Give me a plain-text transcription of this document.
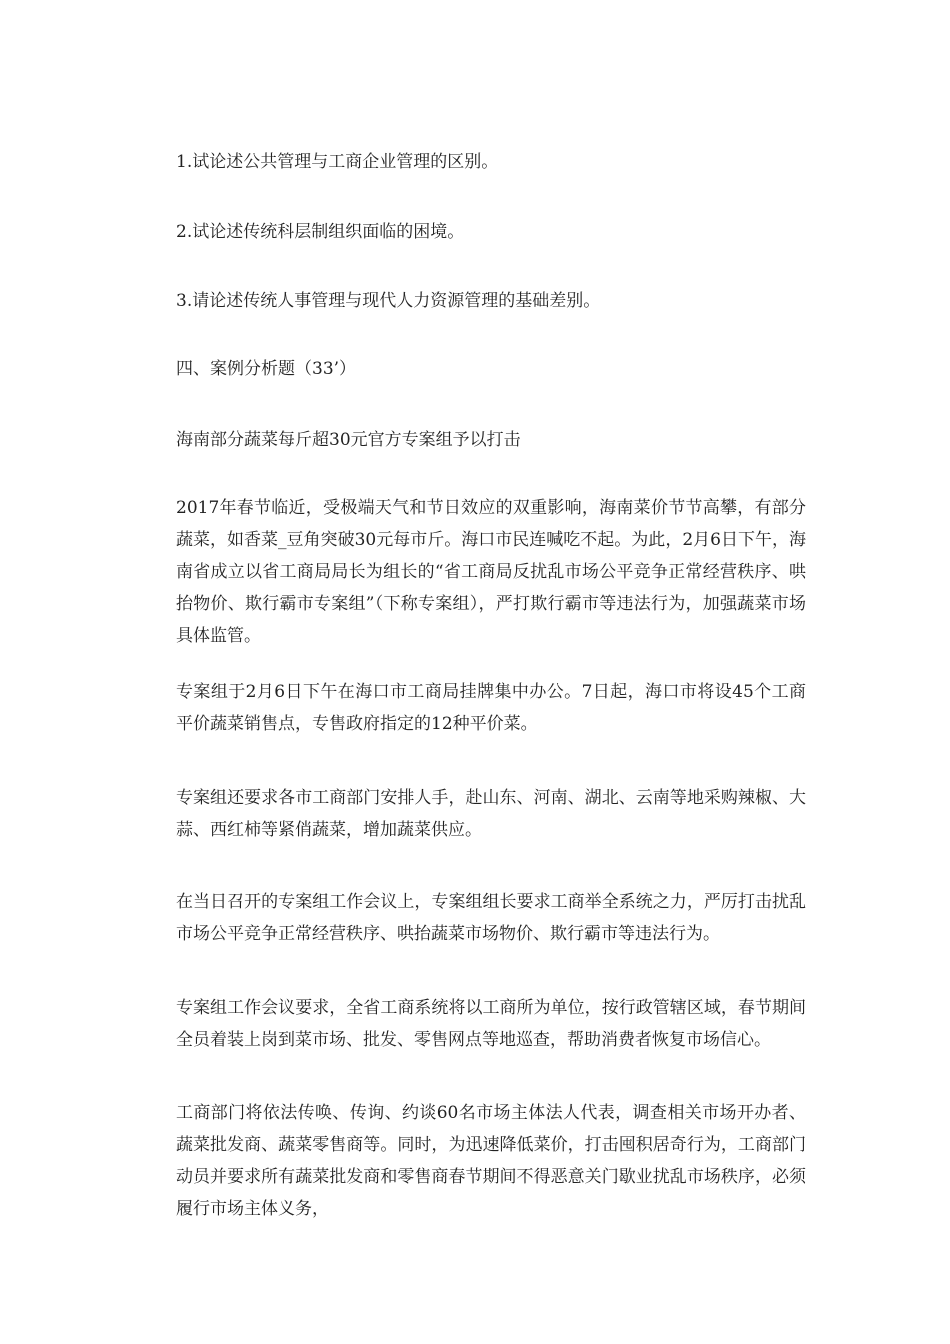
1.试论述公共管理与工商企业管理的区别。
2.试论述传统科层制组织面临的困境。
3.请论述传统人事管理与现代人力资源管理的基础差别。
四、案例分析题（33’）
海南部分蔬菜每斤超30元官方专案组予以打击
2017年春节临近，受极端天气和节日效应的双重影响，海南菜价节节高攀，有部分蔬菜，如香菜_豆角突破30元每市斤。海口市民连喊吃不起。为此，2月6日下午，海南省成立以省工商局局长为组长的“省工商局反扰乱市场公平竞争正常经营秩序、哄抬物价、欺行霸市专案组”（下称专案组），严打欺行霸市等违法行为，加强蔬菜市场具体监管。
专案组于2月6日下午在海口市工商局挂牌集中办公。7日起，海口市将设45个工商平价蔬菜销售点，专售政府指定的12种平价菜。
专案组还要求各市工商部门安排人手，赴山东、河南、湖北、云南等地采购辣椒、大蒜、西红柿等紧俏蔬菜，增加蔬菜供应。
在当日召开的专案组工作会议上，专案组组长要求工商举全系统之力，严厉打击扰乱市场公平竞争正常经营秩序、哄抬蔬菜市场物价、欺行霸市等违法行为。
专案组工作会议要求，全省工商系统将以工商所为单位，按行政管辖区域，春节期间全员着装上岗到菜市场、批发、零售网点等地巡查，帮助消费者恢复市场信心。
工商部门将依法传唤、传询、约谈60名市场主体法人代表，调查相关市场开办者、蔬菜批发商、蔬菜零售商等。同时，为迅速降低菜价，打击囤积居奇行为，工商部门动员并要求所有蔬菜批发商和零售商春节期间不得恶意关门歇业扰乱市场秩序，必须履行市场主体义务，
